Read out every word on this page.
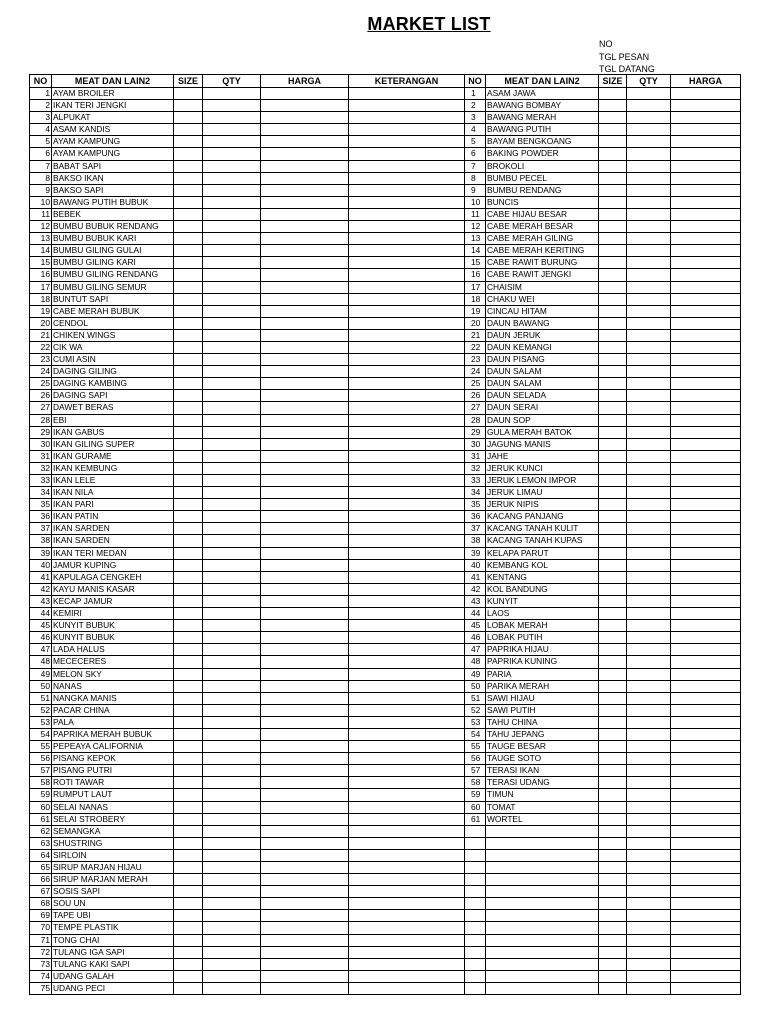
MARKET LIST
NO
TGL PESAN
TGL DATANG
NO	MEAT DAN LAIN2	SIZE	QTY	HARGA	KETERANGAN	NO	MEAT DAN LAIN2	SIZE	QTY	HARGA
1	AYAM BROILER					1	ASAM JAWA			
2	IKAN TERI JENGKI					2	BAWANG BOMBAY			
3	ALPUKAT					3	BAWANG MERAH			
4	ASAM KANDIS					4	BAWANG PUTIH			
5	AYAM KAMPUNG					5	BAYAM BENGKOANG			
6	AYAM KAMPUNG					6	BAKING POWDER			
7	BABAT SAPI					7	BROKOLI			
8	BAKSO IKAN					8	BUMBU PECEL			
9	BAKSO SAPI					9	BUMBU RENDANG			
10	BAWANG PUTIH BUBUK					10	BUNCIS			
11	BEBEK					11	CABE HIJAU BESAR			
12	BUMBU BUBUK RENDANG					12	CABE MERAH BESAR			
13	BUMBU BUBUK KARI					13	CABE MERAH GILING			
14	BUMBU GILING GULAI					14	CABE MERAH KERITING			
15	BUMBU GILING KARI					15	CABE RAWIT BURUNG			
16	BUMBU GILING RENDANG					16	CABE RAWIT JENGKI			
17	BUMBU GILING SEMUR					17	CHAISIM			
18	BUNTUT SAPI					18	CHAKU WEI			
19	CABE MERAH BUBUK					19	CINCAU HITAM			
20	CENDOL					20	DAUN BAWANG			
21	CHIKEN WINGS					21	DAUN JERUK			
22	CIK WA					22	DAUN KEMANGI			
23	CUMI ASIN					23	DAUN PISANG			
24	DAGING GILING					24	DAUN SALAM			
25	DAGING KAMBING					25	DAUN SALAM			
26	DAGING SAPI					26	DAUN SELADA			
27	DAWET BERAS					27	DAUN SERAI			
28	EBI					28	DAUN SOP			
29	IKAN GABUS					29	GULA MERAH BATOK			
30	IKAN GILING SUPER					30	JAGUNG MANIS			
31	IKAN GURAME					31	JAHE			
32	IKAN KEMBUNG					32	JERUK KUNCI			
33	IKAN LELE					33	JERUK LEMON IMPOR			
34	IKAN NILA					34	JERUK LIMAU			
35	IKAN PARI					35	JERUK NIPIS			
36	IKAN PATIN					36	KACANG PANJANG			
37	IKAN SARDEN					37	KACANG TANAH KULIT			
38	IKAN SARDEN					38	KACANG TANAH KUPAS			
39	IKAN TERI MEDAN					39	KELAPA PARUT			
40	JAMUR KUPING					40	KEMBANG KOL			
41	KAPULAGA CENGKEH					41	KENTANG			
42	KAYU MANIS KASAR					42	KOL BANDUNG			
43	KECAP JAMUR					43	KUNYIT			
44	KEMIRI					44	LAOS			
45	KUNYIT BUBUK					45	LOBAK MERAH			
46	KUNYIT BUBUK					46	LOBAK PUTIH			
47	LADA HALUS					47	PAPRIKA HIJAU			
48	MECECERES					48	PAPRIKA KUNING			
49	MELON SKY					49	PARIA			
50	NANAS					50	PARIKA MERAH			
51	NANGKA MANIS					51	SAWI HIJAU			
52	PACAR CHINA					52	SAWI PUTIH			
53	PALA					53	TAHU CHINA			
54	PAPRIKA MERAH BUBUK					54	TAHU JEPANG			
55	PEPEAYA CALIFORNIA					55	TAUGE BESAR			
56	PISANG KEPOK					56	TAUGE SOTO			
57	PISANG PUTRI					57	TERASI IKAN			
58	ROTI TAWAR					58	TERASI UDANG			
59	RUMPUT LAUT					59	TIMUN			
60	SELAI NANAS					60	TOMAT			
61	SELAI STROBERY					61	WORTEL			
62	SEMANGKA									
63	SHUSTRING									
64	SIRLOIN									
65	SIRUP MARJAN HIJAU									
66	SIRUP MARJAN MERAH									
67	SOSIS SAPI									
68	SOU UN									
69	TAPE UBI									
70	TEMPE PLASTIK									
71	TONG CHAI									
72	TULANG IGA SAPI									
73	TULANG KAKI SAPI									
74	UDANG GALAH									
75	UDANG PECI									
